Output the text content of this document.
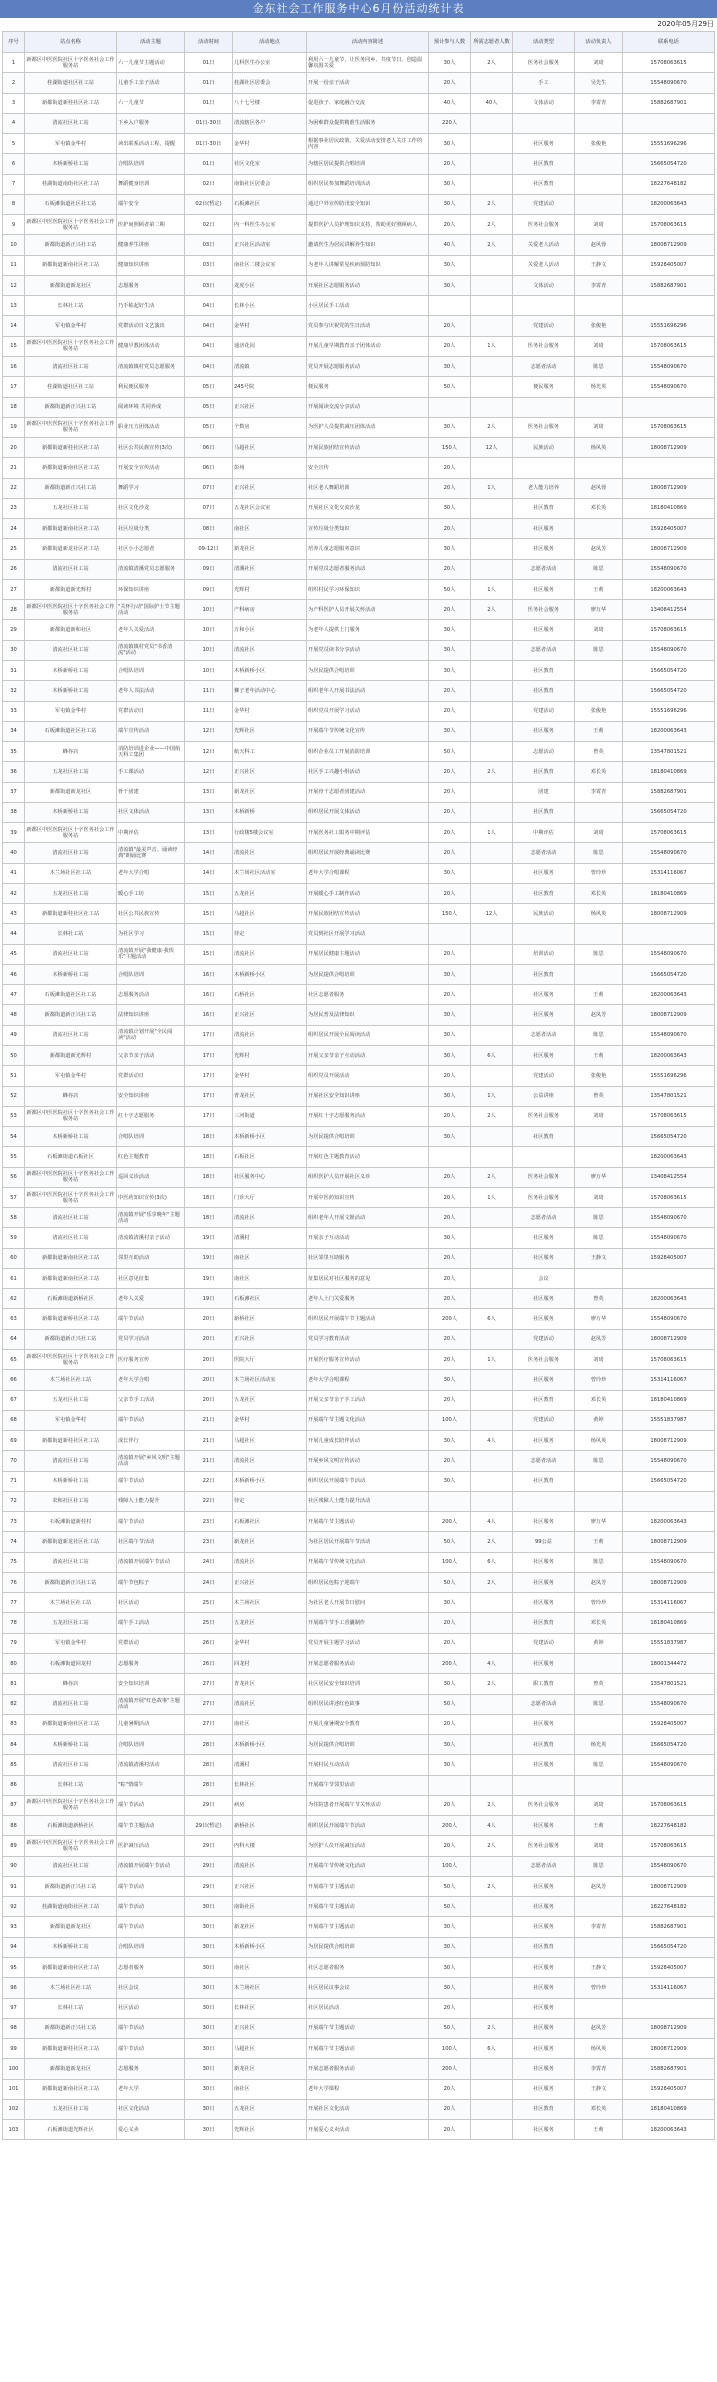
金东社会工作服务中心6月份活动统计表
2020年05月29日
序号	站点名称	活动主题	活动时间	活动地点	活动内容简述	预计参与人数	所需志愿者人数	活动类型	活动负责人	联系电话
1	新都区中医医院社区十字医务社会工作服务站	六一儿童节主题活动	01日	儿科医生办公室	利用六一儿童节，让医务同乡、共度节日，创造温馨氛围关爱	30人	2人	医务社会服务	刘琦	15708063615
2	桂湖街道社区社工站	儿童手工亲子活动	01日	桂湖社区居委会	开展一份亲子活动	20人		手工	吴先生	15548090670
3	新都街道新桂社区社工站	六一儿童节	01日	八十七号楼	促进孩子、家庭融合交流	40人	40人	文体活动	李霄青	15882687901
4	清流社区社工站	下乡入户服务	01日-30日	清流辖区各户	为困难群众提供精准生活服务	220人				
5	军屯镇金华村	读出联系活动工程，提醒	01日-30日	金华村	根据事业居民政策，关爱活动安排老人关注工作的内容	30人		社区服务	张俊艳	15551696296
6	木桥新桥社工站	合唱队培训	01日	社区文化室	为辖区居民提供合唱培训	20人		社区教育		15665054720
7	桂湖街道南街社区社工站	舞蹈健身培训	02日	南街社区居委会	组织居民参加舞蹈培训活动	30人		社区教育		18227648182
8	石板滩街道社区社工站	端午安全	02日(暂定)	石板滩社区	通过户外宣传防汛安全知识	30人	2人	党建活动		18200063643
9	新都区中医医院社区十字医务社会工作服务站	医护间照顾者第二期	02日	内一科医生办公室	提供医护人员护理知识支持，帮助更好照顾病人	20人	2人	医务社会服务	刘琦	15708063615
10	新都街道新正兴社工站	健康养生讲座	03日	正兴社区活动室	邀请医生为居民讲解养生知识	40人	2人	关爱老人活动	赵风蓉	18008712909
11	新都街道新南社区社工站	健康知识讲座	03日	南社区二楼会议室	为老年人讲解常见疾病预防知识	30人		关爱老人活动	王静文	15928405007
12	新都街道新龙社区	志愿服务	03日	龙虎小区	开展社区志愿服务活动	30人		文体活动	李霄青	15882687901
13	长林社工站	乃手梳起好生活	04日	长林小区	小区居民手工活动					
14	军屯镇金华村	党群活动日文艺演出	04日	金华村	党员参与庆祝党的生日活动	20人		党建活动	张俊艳	15551696296
15	新都区中医医院社区十字医务社会工作服务站	健康早教团体活动	04日	通济花园	开展儿童早期教育亲子团体活动	20人	1人	医务社会服务	刘琦	15708063615
16	清流社区社工站	清流镇镇村党员志愿服务	04日	清流镇	党员开展志愿服务活动	30人		志愿者活动	陈思	15548090670
17	桂湖街道社区社工站	利民便民服务	05日	245号院	便民服务	50人		便民服务	杨光英	15548090670
18	新都街道新正兴社工站	阅读环境 共同养成	05日	正兴社区	开展阅读交流分享活动					
19	新都区中医医院社区十字医务社会工作服务站	职业压力团体活动	05日	个数房	为医护人员提供减压团体活动	30人	2人	医务社会服务	刘琦	15708063615
20	新都街道新桂社区社工站	社区公共民族宣传(3次)	06日	马超社区	开展民族团结宣传活动	150人	12人	民族活动	杨风英	18008712909
21	新都街道新南社区社工站	开展安全宣传活动	06日	彭州	安全宣传	20人				
22	新都街道新正兴社工站	舞蹈学习	07日	正兴社区	社区老人舞蹈培训	20人	1人	老人能力培养	赵风蓉	18008712909
23	五龙社区社工站	社区文化沙龙	07日	五龙社区会议室	开展社区文化交流沙龙	30人		社区教育	邓长英	18180410869
24	新都街道新南社区社工站	社区垃圾分类	08日	南社区	宣传垃圾分类知识	20人		社区服务		15928405007
25	新都街道新龙社区社工站	社区小小志愿者	09-12日	新龙社区	培养儿童志愿服务意识	30人		社区服务	赵凤芳	18008712909
26	清流社区社工站	清流镇清溪党员志愿服务	09日	清溪社区	开展党员志愿者服务活动	20人		志愿者活动	陈思	15548090670
27	新都街道新光辉村	环保知识讲座	09日	光辉村	组织村民学习环保知识	50人	1人	社区服务	王莉	18200063643
28	新都区中医医院社区十字医务社会工作服务站	"关怀行动"国际护士节主题活动	10日	产科病房	为产科医护人员开展关怀活动	20人	2人	医务社会服务	廖万华	13408412554
29	新都街道新和社区	老年人关爱活动	10日	万和小区	为老年人提供上门服务	30人		社区服务	刘琦	15708063615
30	清流社区社工站	清流镇镇村党员"书香清流"活动	10日	清流社区	开展党员读书分享活动	30人		志愿者活动	陈思	15548090670
31	木桥新桥社工站	合唱队培训	10日	木桥新桥小区	为居民提供合唱培训	30人		社区教育		15665054720
32	木桥新桥社工站	老年人书法活动	11日	狮子老年活动中心	组织老年人开展书法活动	20人		社区教育		15665054720
33	军屯镇金华村	党群活动日	11日	金华村	组织党员开展学习活动	20人		党建活动	张俊艳	15551696296
34	石板滩街道社区社工站	端午宣传活动	12日	光辉社区	开展端午节传统文化宣传	30人		社区服务	王莉	18200063643
35	蜂谷店	消防培训进企业——中国航天科工集团	12日	航天科工	组织企业员工开展消防培训	50人		志愿活动	曾英	13547801521
36	五龙社区社工站	手工课活动	12日	正兴社区	社区手工兴趣小组活动	20人	2人	社区教育	邓长英	18180410869
37	新都街道新龙社区	骨干团建	13日	新龙社区	开展骨干志愿者团建活动	20人		团建	李霄青	15882687901
38	木桥新桥社工站	社区文体活动	13日	木桥新桥	组织居民开展文体活动	20人		社区教育		15665054720
39	新都区中医医院社区十字医务社会工作服务站	中期评估	13日	行政楼5楼会议室	开展医务社工服务中期评估	20人	1人	中期评估	刘琦	15708063615
40	清流社区社工站	清流镇"最美声音、诵读经典"朗诵比赛	14日	清流社区	组织居民开展经典诵读比赛	20人		志愿者活动	陈思	15548090670
41	木兰场社区社工站	老年大学合唱	14日	木兰场社区活动室	老年大学合唱课程	30人		社区服务	曾玲珍	15314116067
42	五龙社区社工站	暖心手工坊	15日	五龙社区	开展暖心手工制作活动	20人		社区教育	邓长英	18180410869
43	新都街道新桂社区社工站	社区公共民族宣传	15日	马超社区	开展民族团结宣传活动	150人	12人	民族活动	杨风英	18008712909
44	长林社工站	为社区学习	15日	待定	党员到社区开展学习活动					
45	清流社区社工站	清流镇开展"我健康·我快乐"主题活动	15日	清流社区	开展居民健康主题活动	20人		培训活动	陈思	15548090670
46	木桥新桥社工站	合唱队培训	16日	木桥新桥小区	为居民提供合唱培训	30人		社区教育		15665054720
47	石板滩街道社区社工站	志愿服务活动	16日	石桥社区	社区志愿者服务	20人		社区服务	王莉	18200063643
48	新都街道新正兴社工站	法律知识讲座	16日	正兴社区	为居民普及法律知识	30人		社区服务	赵凤芳	18008712909
49	清流社区社工站	清流镇计划开展"全民阅读"活动	17日	清流社区	组织居民开展全民阅读活动	30人		志愿者活动	陈思	15548090670
50	新都街道新光辉村	父亲节亲子活动	17日	光辉村	开展父亲节亲子互动活动	30人	6人	社区服务	王莉	18200063643
51	军屯镇金华村	党群活动日	17日	金华村	组织党员开展活动	20人		党建活动	张俊艳	15551696296
52	蜂谷店	安全知识讲座	17日	青龙社区	开展社区安全知识讲座	30人	1人	公益讲座	曾英	13547801521
53	新都区中医医院社区十字医务社会工作服务站	红十字志愿服务	17日	三河街道	开展红十字志愿服务活动	20人	2人	医务社会服务	刘琦	15708063615
54	木桥新桥社工站	合唱队培训	18日	木桥新桥小区	为居民提供合唱培训	30人		社区教育		15665054720
55	石板滩街道石板社区	红色主题教育	18日	石板社区	开展红色主题教育活动					18200063643
56	新都区中医医院社区十字医务社会工作服务站	巡回义诊活动	18日	社区服务中心	组织医护人员开展社区义诊	20人	2人	医务社会服务	廖万华	13408412554
57	新都区中医医院社区十字医务社会工作服务站	中医药知识宣传(3次)	18日	门诊大厅	开展中医药知识宣传	20人	1人	医务社会服务	刘琦	15708063615
58	清流社区社工站	清流镇开展"乐享晚年"主题活动	18日	清流社区	组织老年人开展文娱活动	20人		志愿者活动	陈思	15548090670
59	清流社区社工站	清流镇清溪村亲子活动	19日	清溪村	开展亲子互动活动	30人		社区服务	陈思	15548090670
60	新都街道新南社区社工站	邻里互助活动	19日	南社区	社区邻里互助服务	20人		社区服务	王静文	15928405007
61	新都街道新南社区社工站	社区意见征集	19日	南社区	征集居民对社区服务的意见	20人		会议		
62	石板滩街道新桥社区	老年人关爱	19日	石板滩社区	老年人上门关爱服务	20人		社区服务	曾英	18200063643
63	新都街道新桥社区社工站	端午节活动	20日	新桥社区	组织居民开展端午节主题活动	200人	6人	社区服务	廖万华	15548090670
64	新都街道新正兴社工站	党员学习活动	20日	正兴社区	党员学习教育活动	20人		党建活动	赵凤芳	18008712909
65	新都区中医医院社区十字医务社会工作服务站	医疗服务宣传	20日	医院大厅	开展医疗服务宣传活动	20人	1人	医务社会服务	刘琦	15708063615
66	木兰场社区社工站	老年大学合唱	20日	木兰场社区活动室	老年大学合唱课程	30人		社区服务	曾玲珍	15314116067
67	五龙社区社工站	父亲节手工活动	20日	五龙社区	开展父亲节亲子手工活动	20人		社区教育	邓长英	18180410869
68	军屯镇金华村	端午节活动	21日	金华村	开展端午节主题文化活动	100人		党建活动	黄婷	15551837987
69	新都街道新桂社区社工站	成长伴行	21日	马超社区	开展儿童成长陪伴活动	30人	4人	社区服务	杨风英	18008712909
70	清流社区社工站	清流镇开展"乡风文明"主题活动	21日	清流社区	开展乡风文明宣传活动	20人		志愿者活动	陈思	15548090670
71	木桥新桥社工站	端午节活动	22日	木桥新桥小区	组织居民开展端午节活动	30人		社区教育		15665054720
72	农和社区社工站	残障人士能力提升	22日	待定	社区残障人士能力提升活动					
73	石板滩街道新桂村	端午节活动	23日	石板滩社区	开展端午节主题活动	200人	4人	社区服务	廖万华	18200063643
74	新都街道新龙社区社工站	社区端午节活动	23日	新龙社区	为社区居民开展端午节活动	50人	2人	99公益	王莉	18008712909
75	清流社区社工站	清流镇开展端午节活动	24日	清流社区	开展端午节传统文化活动	100人	6人	社区服务	陈思	15548090670
76	新都街道新正兴社工站	端午节包粽子	24日	正兴社区	组织居民包粽子迎端午	50人	2人	社区服务	赵凤芳	18008712909
77	木兰场社区社工站	社区活动	25日	木兰场社区	为社区老人开展节日慰问	30人		社区服务	曾玲珍	15314116067
78	五龙社区社工站	端午手工活动	25日	五龙社区	开展端午节手工香囊制作	20人		社区教育	邓长英	18180410869
79	军屯镇金华村	党群活动	26日	金华村	党员开展主题学习活动	20人		党建活动	黄婷	15551837987
80	石板滩街道回龙村	志愿服务	26日	回龙村	开展志愿者服务活动	200人	4人	社区服务		18001344472
81	蜂谷店	安全知识培训	27日	青龙社区	社区居民安全知识培训	30人	2人	职工教育	曾英	13547801521
82	清流社区社工站	清流镇开展"红色故事"主题活动	27日	清流社区	组织居民讲述红色故事	50人		志愿者活动	陈思	15548090670
83	新都街道新南社区社工站	儿童暑期活动	27日	南社区	开展儿童暑期安全教育	20人		社区服务		15928405007
84	木桥新桥社工站	合唱队培训	28日	木桥新桥小区	为居民提供合唱培训	30人		社区教育	杨光英	15665054720
85	清流社区社工站	清流镇清溪村活动	28日	清溪村	开展村民互动活动	30人		社区服务	陈思	15548090670
86	长林社工站	"粽"情端午	28日	长林社区	开展端午节邻里活动					
87	新都区中医医院社区十字医务社会工作服务站	端午节活动	29日	病房	为住院患者开展端午节关怀活动	20人	2人	医务社会服务	刘琦	15708063615
88	石板滩街道新桥社区	端午节主题活动	29日(暂定)	新桥社区	组织居民开展端午节活动	200人	4人	社区服务	王莉	18227648182
89	新都区中医医院社区十字医务社会工作服务站	医护减压活动	29日	内科大楼	为医护人员开展减压活动	20人	2人	医务社会服务	刘琦	15708063615
90	清流社区社工站	清流镇开展端午节活动	29日	清流社区	开展端午节传统文化活动	100人		志愿者活动	陈思	15548090670
91	新都街道新正兴社工站	端午节活动	29日	正兴社区	开展端午节主题活动	50人	2人	社区服务	赵凤芳	18008712909
92	桂湖街道南街社区社工站	端午节活动	30日	南街社区	开展端午节主题活动	50人		社区服务		18227648182
93	新都街道新龙社区	端午节活动	30日	新龙社区	开展端午节主题活动	30人		社区服务	李霄青	15882687901
94	木桥新桥社工站	合唱队培训	30日	木桥新桥小区	为居民提供合唱培训	30人		社区教育		15665054720
95	新都街道新南社区社工站	志愿者服务	30日	南社区	社区志愿者服务	30人		社区服务	王静文	15928405007
96	木兰场社区社工站	社区会议	30日	木兰场社区	社区居民议事会议	30人		社区服务	曾玲珍	15314116067
97	长林社工站	社区活动	30日	长林社区	社区居民活动	20人		社区服务		
98	新都街道新正兴社工站	端午节活动	30日	正兴社区	开展端午节主题活动	50人	2人	社区服务	赵凤芳	18008712909
99	新都街道新桂社区社工站	端午节活动	30日	马超社区	开展端午节主题活动	100人	6人	社区服务	杨风英	18008712909
100	新都街道新龙社区	志愿服务	30日	新龙社区	开展志愿者服务活动	200人		社区服务	李霄青	15882687901
101	新都街道新南社区社工站	老年大学	30日	南社区	老年大学课程	20人		社区服务	王静文	15928405007
102	五龙社区社工站	社区文化活动	30日	五龙社区	开展社区文化活动	20人		社区教育	邓长英	18180410869
103	石板滩街道光辉社区	爱心义卖	30日	光辉社区	开展爱心义卖活动	20人		社区服务	王莉	18200063643
